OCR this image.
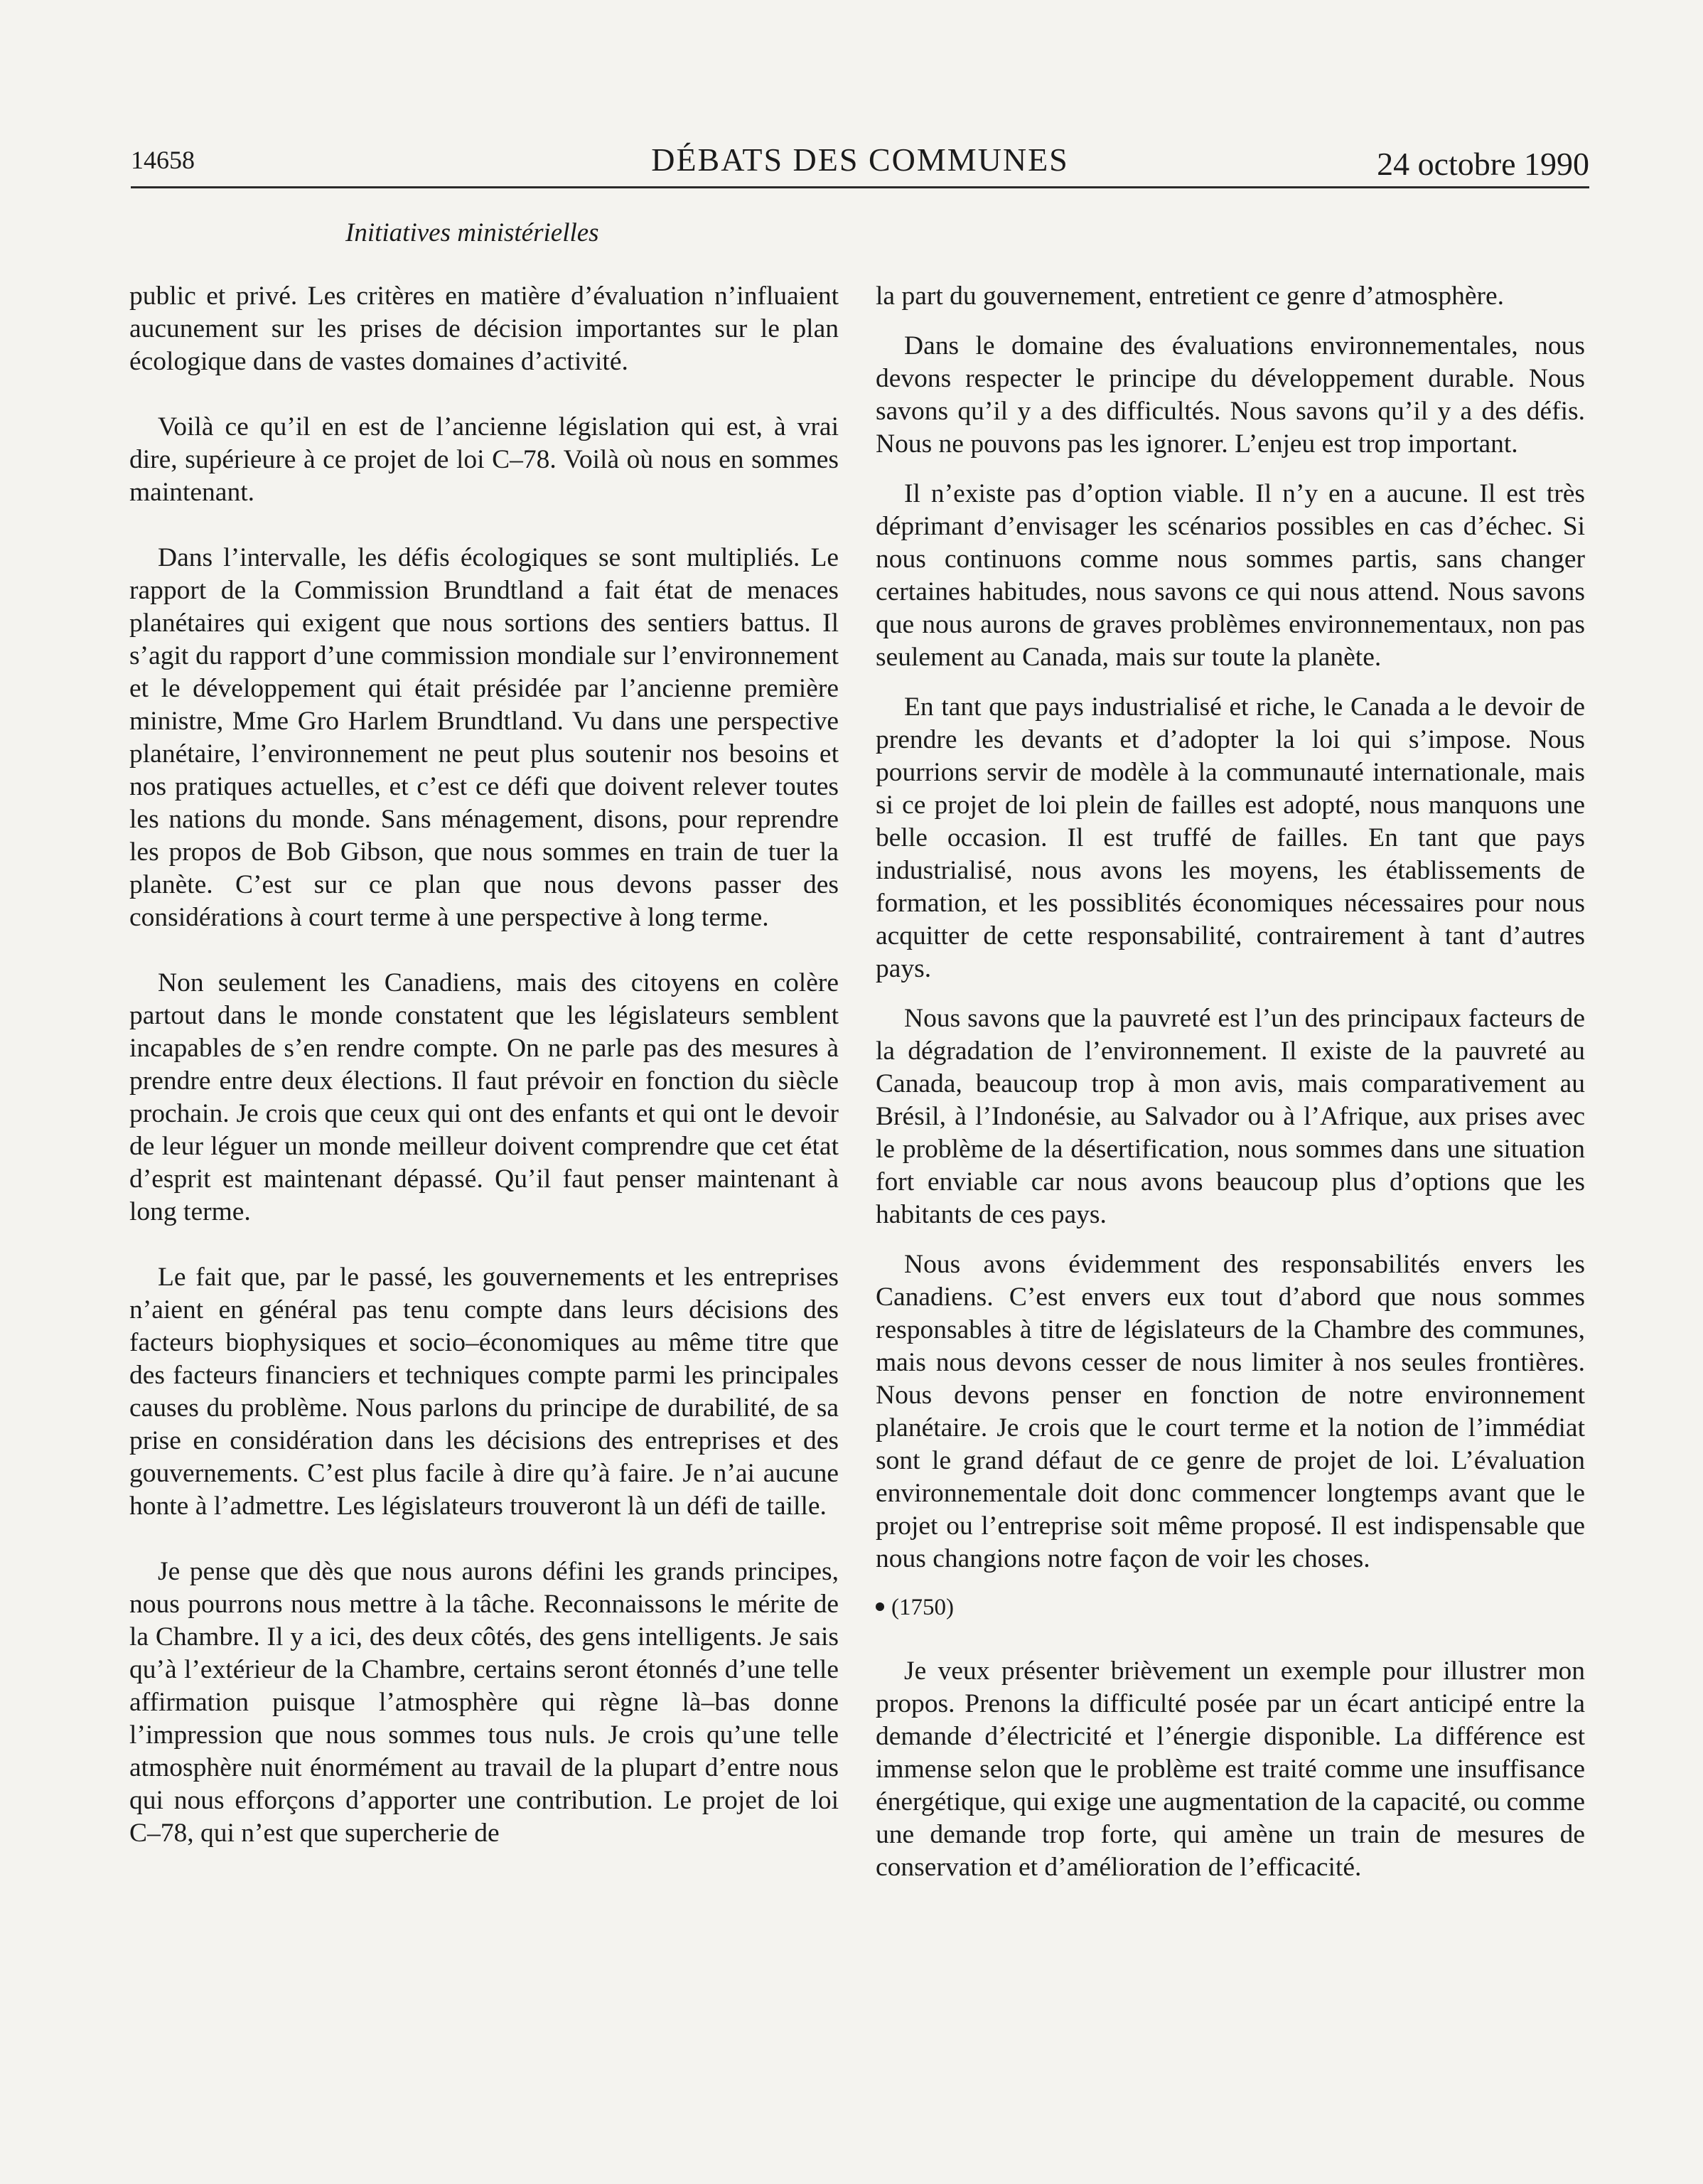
14658	DÉBATS DES COMMUNES	24 octobre 1990
Initiatives ministérielles

public et privé. Les critères en matière d’évaluation n’influaient aucunement sur les prises de décision importantes sur le plan écologique dans de vastes domaines d’activité.

Voilà ce qu’il en est de l’ancienne législation qui est, à vrai dire, supérieure à ce projet de loi C–78. Voilà où nous en sommes maintenant.

Dans l’intervalle, les défis écologiques se sont multipliés. Le rapport de la Commission Brundtland a fait état de menaces planétaires qui exigent que nous sortions des sentiers battus. Il s’agit du rapport d’une commission mondiale sur l’environnement et le développement qui était présidée par l’ancienne première ministre, Mme Gro Harlem Brundtland. Vu dans une perspective planétaire, l’environnement ne peut plus soutenir nos besoins et nos pratiques actuelles, et c’est ce défi que doivent relever toutes les nations du monde. Sans ménagement, disons, pour reprendre les propos de Bob Gibson, que nous sommes en train de tuer la planète. C’est sur ce plan que nous devons passer des considérations à court terme à une perspective à long terme.

Non seulement les Canadiens, mais des citoyens en colère partout dans le monde constatent que les législateurs semblent incapables de s’en rendre compte. On ne parle pas des mesures à prendre entre deux élections. Il faut prévoir en fonction du siècle prochain. Je crois que ceux qui ont des enfants et qui ont le devoir de leur léguer un monde meilleur doivent comprendre que cet état d’esprit est maintenant dépassé. Qu’il faut penser maintenant à long terme.

Le fait que, par le passé, les gouvernements et les entreprises n’aient en général pas tenu compte dans leurs décisions des facteurs biophysiques et socio–économiques au même titre que des facteurs financiers et techniques compte parmi les principales causes du problème. Nous parlons du principe de durabilité, de sa prise en considération dans les décisions des entreprises et des gouvernements. C’est plus facile à dire qu’à faire. Je n’ai aucune honte à l’admettre. Les législateurs trouveront là un défi de taille.

Je pense que dès que nous aurons défini les grands principes, nous pourrons nous mettre à la tâche. Reconnaissons le mérite de la Chambre. Il y a ici, des deux côtés, des gens intelligents. Je sais qu’à l’extérieur de la Chambre, certains seront étonnés d’une telle affirmation puisque l’atmosphère qui règne là–bas donne l’impression que nous sommes tous nuls. Je crois qu’une telle atmosphère nuit énormément au travail de la plupart d’entre nous qui nous efforçons d’apporter une contribution. Le projet de loi C–78, qui n’est que supercherie de

la part du gouvernement, entretient ce genre d’atmosphère.

Dans le domaine des évaluations environnementales, nous devons respecter le principe du développement durable. Nous savons qu’il y a des difficultés. Nous savons qu’il y a des défis. Nous ne pouvons pas les ignorer. L’enjeu est trop important.

Il n’existe pas d’option viable. Il n’y en a aucune. Il est très déprimant d’envisager les scénarios possibles en cas d’échec. Si nous continuons comme nous sommes partis, sans changer certaines habitudes, nous savons ce qui nous attend. Nous savons que nous aurons de graves problèmes environnementaux, non pas seulement au Canada, mais sur toute la planète.

En tant que pays industrialisé et riche, le Canada a le devoir de prendre les devants et d’adopter la loi qui s’impose. Nous pourrions servir de modèle à la communauté internationale, mais si ce projet de loi plein de failles est adopté, nous manquons une belle occasion. Il est truffé de failles. En tant que pays industrialisé, nous avons les moyens, les établissements de formation, et les possiblités économiques nécessaires pour nous acquitter de cette responsabilité, contrairement à tant d’autres pays.

Nous savons que la pauvreté est l’un des principaux facteurs de la dégradation de l’environnement. Il existe de la pauvreté au Canada, beaucoup trop à mon avis, mais comparativement au Brésil, à l’Indonésie, au Salvador ou à l’Afrique, aux prises avec le problème de la désertification, nous sommes dans une situation fort enviable car nous avons beaucoup plus d’options que les habitants de ces pays.

Nous avons évidemment des responsabilités envers les Canadiens. C’est envers eux tout d’abord que nous sommes responsables à titre de législateurs de la Chambre des communes, mais nous devons cesser de nous limiter à nos seules frontières. Nous devons penser en fonction de notre environnement planétaire. Je crois que le court terme et la notion de l’immédiat sont le grand défaut de ce genre de projet de loi. L’évaluation environnementale doit donc commencer longtemps avant que le projet ou l’entreprise soit même proposé. Il est indispensable que nous changions notre façon de voir les choses.

(1750)

Je veux présenter brièvement un exemple pour illustrer mon propos. Prenons la difficulté posée par un écart anticipé entre la demande d’électricité et l’énergie disponible. La différence est immense selon que le problème est traité comme une insuffisance énergétique, qui exige une augmentation de la capacité, ou comme une demande trop forte, qui amène un train de mesures de conservation et d’amélioration de l’efficacité.
